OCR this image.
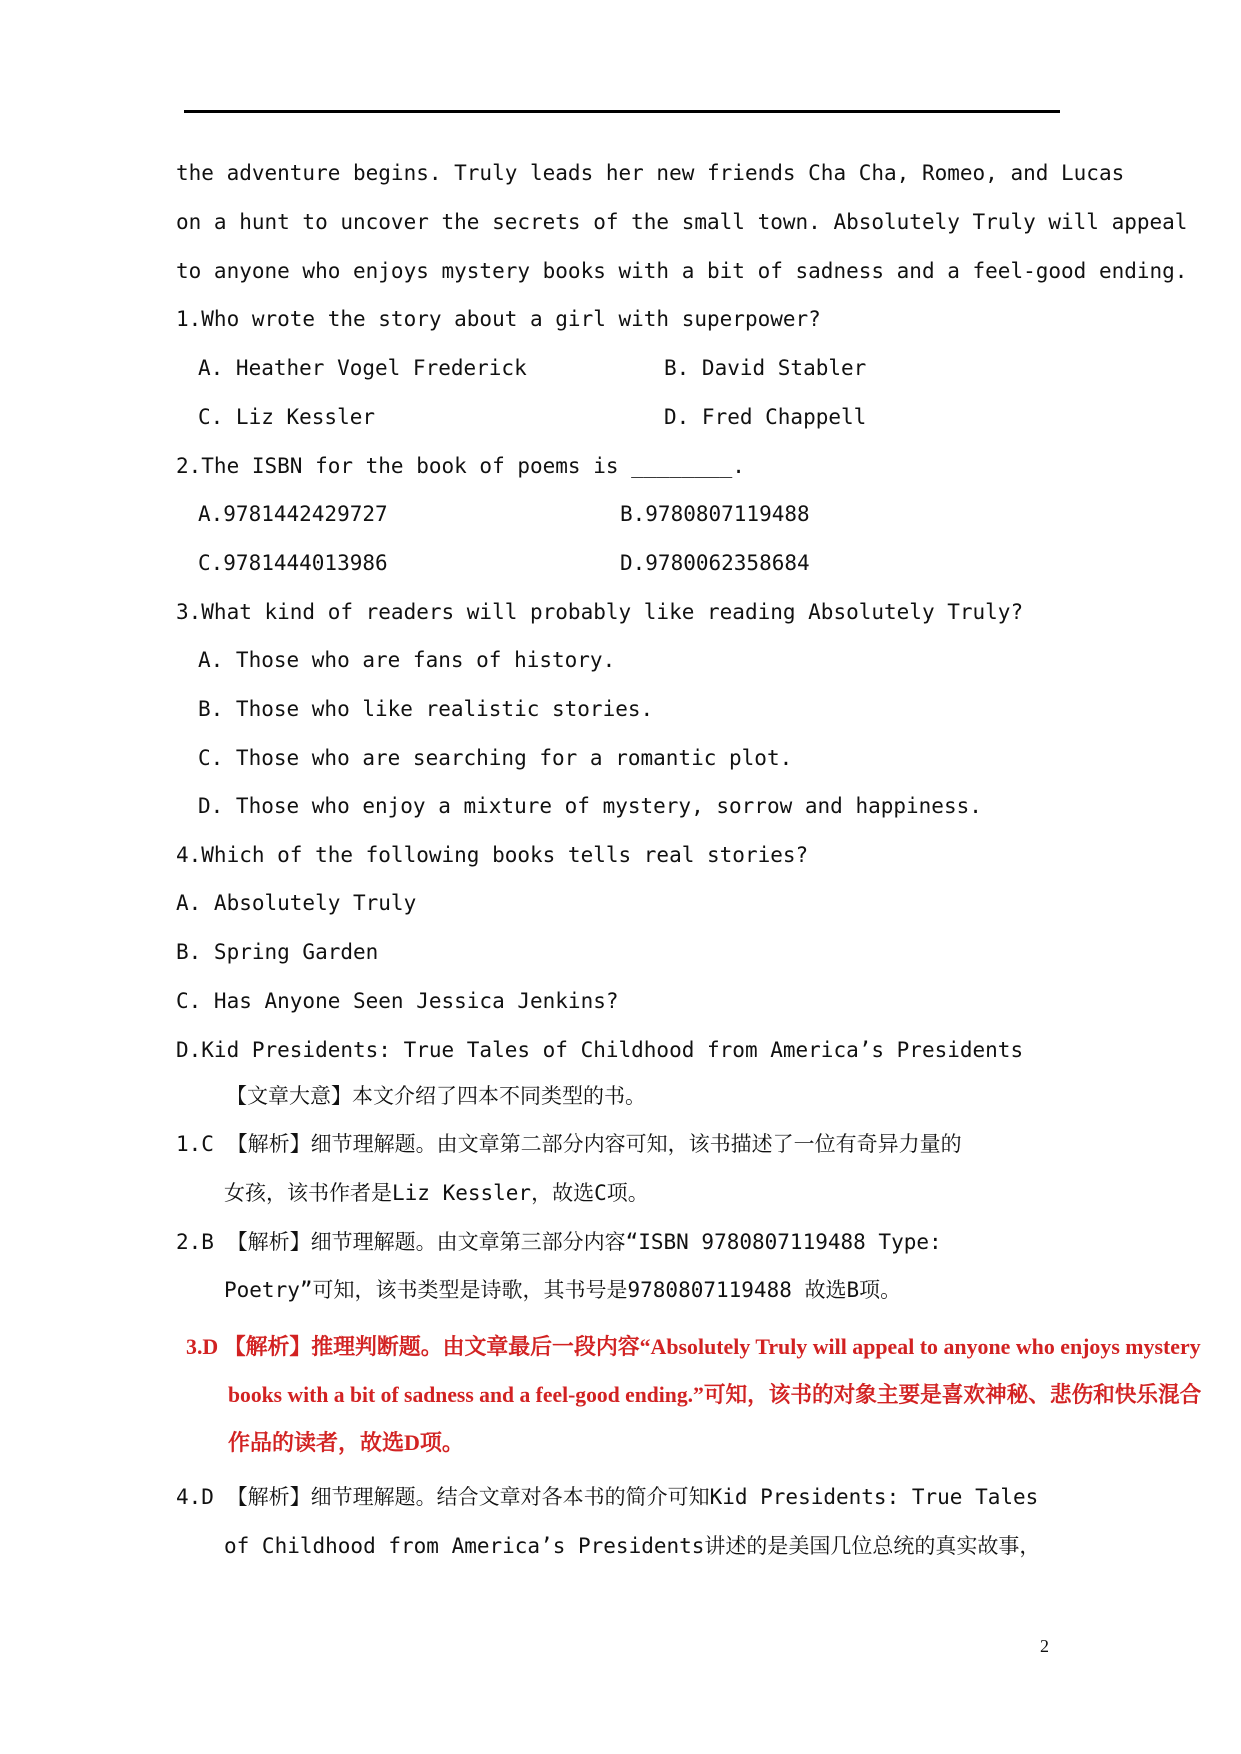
the adventure begins. Truly leads her new friends Cha Cha, Romeo, and Lucas
on a hunt to uncover the secrets of the small town. Absolutely Truly will appeal
to anyone who enjoys mystery books with a bit of sadness and a feel-good ending.
1.Who wrote the story about a girl with superpower?
A. Heather Vogel Frederick	B. David Stabler
C. Liz Kessler	D. Fred Chappell
2.The ISBN for the book of poems is ________.
A.9781442429727	B.9780807119488
C.9781444013986	D.9780062358684
3.What kind of readers will probably like reading Absolutely Truly?
A. Those who are fans of history.
B. Those who like realistic stories.
C. Those who are searching for a romantic plot.
D. Those who enjoy a mixture of mystery, sorrow and happiness.
4.Which of the following books tells real stories?
A. Absolutely Truly
B. Spring Garden
C. Has Anyone Seen Jessica Jenkins?
D.Kid Presidents: True Tales of Childhood from America’s Presidents
【文章大意】本文介绍了四本不同类型的书。
1.C 【解析】细节理解题。由文章第二部分内容可知，该书描述了一位有奇异力量的
女孩，该书作者是Liz Kessler，故选C项。
2.B 【解析】细节理解题。由文章第三部分内容“ISBN 9780807119488 Type:
Poetry”可知，该书类型是诗歌，其书号是9780807119488 故选B项。
3.D 【解析】推理判断题。由文章最后一段内容“Absolutely Truly will appeal to anyone who enjoys mystery
books with a bit of sadness and a feel-good ending.”可知，该书的对象主要是喜欢神秘、悲伤和快乐混合
作品的读者，故选D项。
4.D 【解析】细节理解题。结合文章对各本书的简介可知Kid Presidents: True Tales
of Childhood from America’s Presidents讲述的是美国几位总统的真实故事，
2
